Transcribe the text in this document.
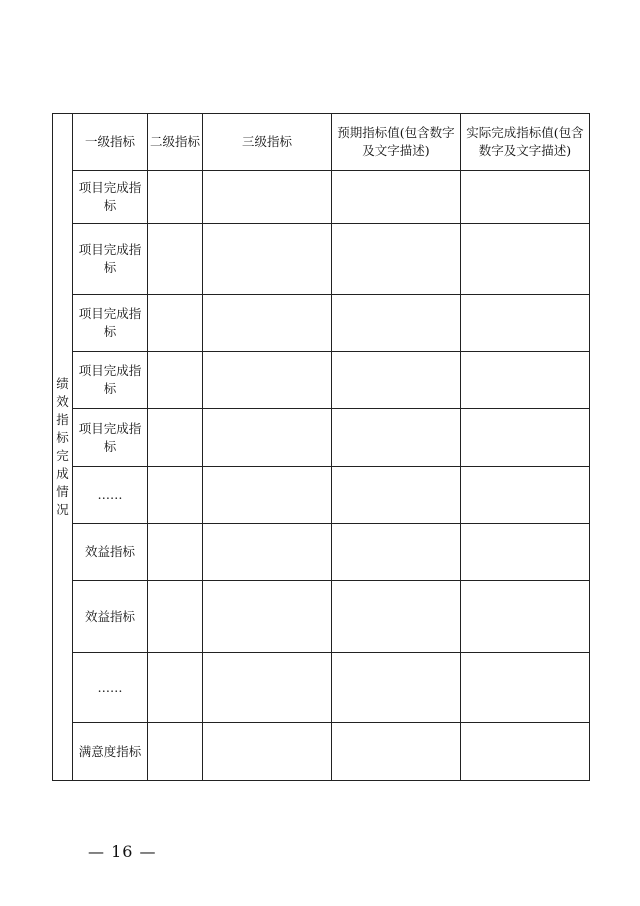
绩效指标完成情况	一级指标	二级指标	三级指标	预期指标值(包含数字及文字描述)	实际完成指标值(包含数字及文字描述)
	项目完成指标				
	项目完成指标				
	项目完成指标				
	项目完成指标				
	项目完成指标				
	……				
	效益指标				
	效益指标				
	……				
	满意度指标				
— 16 —
